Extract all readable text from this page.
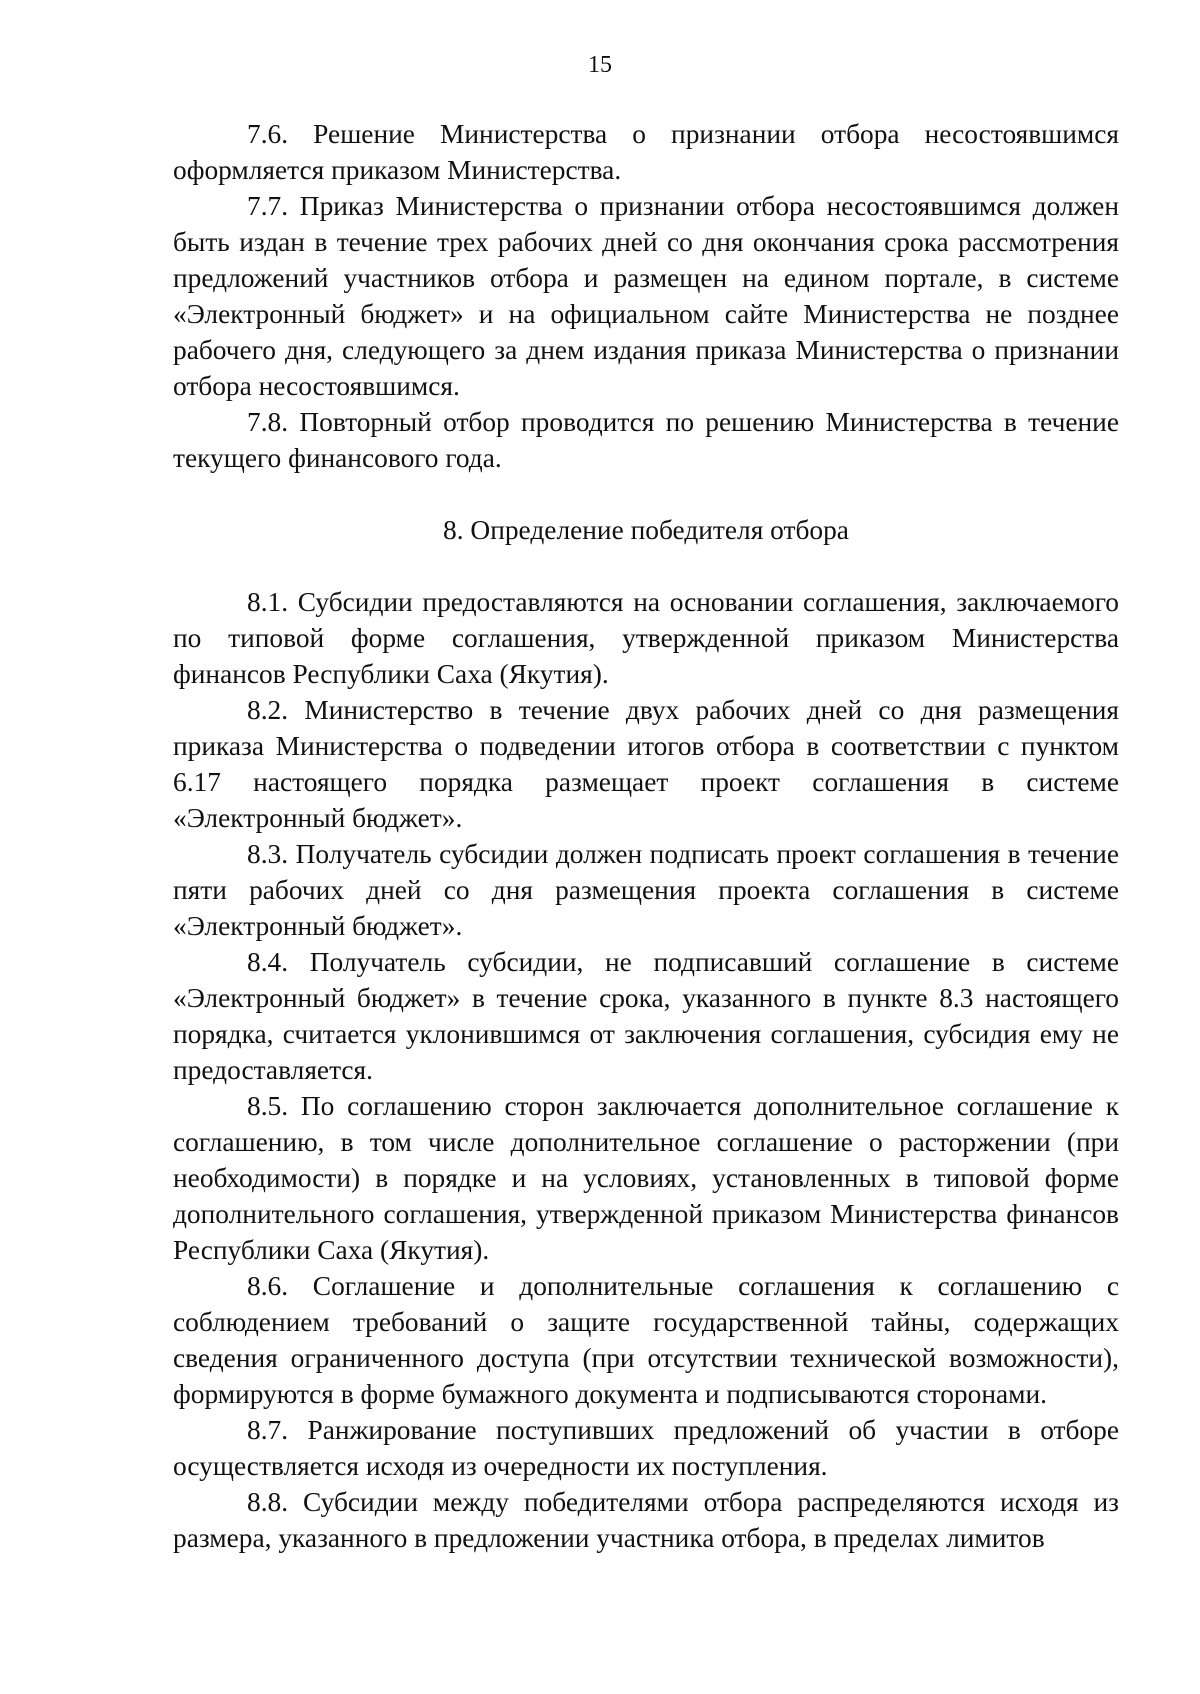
15

7.6. Решение Министерства о признании отбора несостоявшимся оформляется приказом Министерства.

7.7. Приказ Министерства о признании отбора несостоявшимся должен быть издан в течение трех рабочих дней со дня окончания срока рассмотрения предложений участников отбора и размещен на едином портале, в системе «Электронный бюджет» и на официальном сайте Министерства не позднее рабочего дня, следующего за днем издания приказа Министерства о признании отбора несостоявшимся.

7.8. Повторный отбор проводится по решению Министерства в течение текущего финансового года.

8. Определение победителя отбора

8.1. Субсидии предоставляются на основании соглашения, заключаемого по типовой форме соглашения, утвержденной приказом Министерства финансов Республики Саха (Якутия).

8.2. Министерство в течение двух рабочих дней со дня размещения приказа Министерства о подведении итогов отбора в соответствии с пунктом 6.17 настоящего порядка размещает проект соглашения в системе «Электронный бюджет».

8.3. Получатель субсидии должен подписать проект соглашения в течение пяти рабочих дней со дня размещения проекта соглашения в системе «Электронный бюджет».

8.4. Получатель субсидии, не подписавший соглашение в системе «Электронный бюджет» в течение срока, указанного в пункте 8.3 настоящего порядка, считается уклонившимся от заключения соглашения, субсидия ему не предоставляется.

8.5. По соглашению сторон заключается дополнительное соглашение к соглашению, в том числе дополнительное соглашение о расторжении (при необходимости) в порядке и на условиях, установленных в типовой форме дополнительного соглашения, утвержденной приказом Министерства финансов Республики Саха (Якутия).

8.6. Соглашение и дополнительные соглашения к соглашению с соблюдением требований о защите государственной тайны, содержащих сведения ограниченного доступа (при отсутствии технической возможности), формируются в форме бумажного документа и подписываются сторонами.

8.7. Ранжирование поступивших предложений об участии в отборе осуществляется исходя из очередности их поступления.

8.8. Субсидии между победителями отбора распределяются исходя из размера, указанного в предложении участника отбора, в пределах лимитов
